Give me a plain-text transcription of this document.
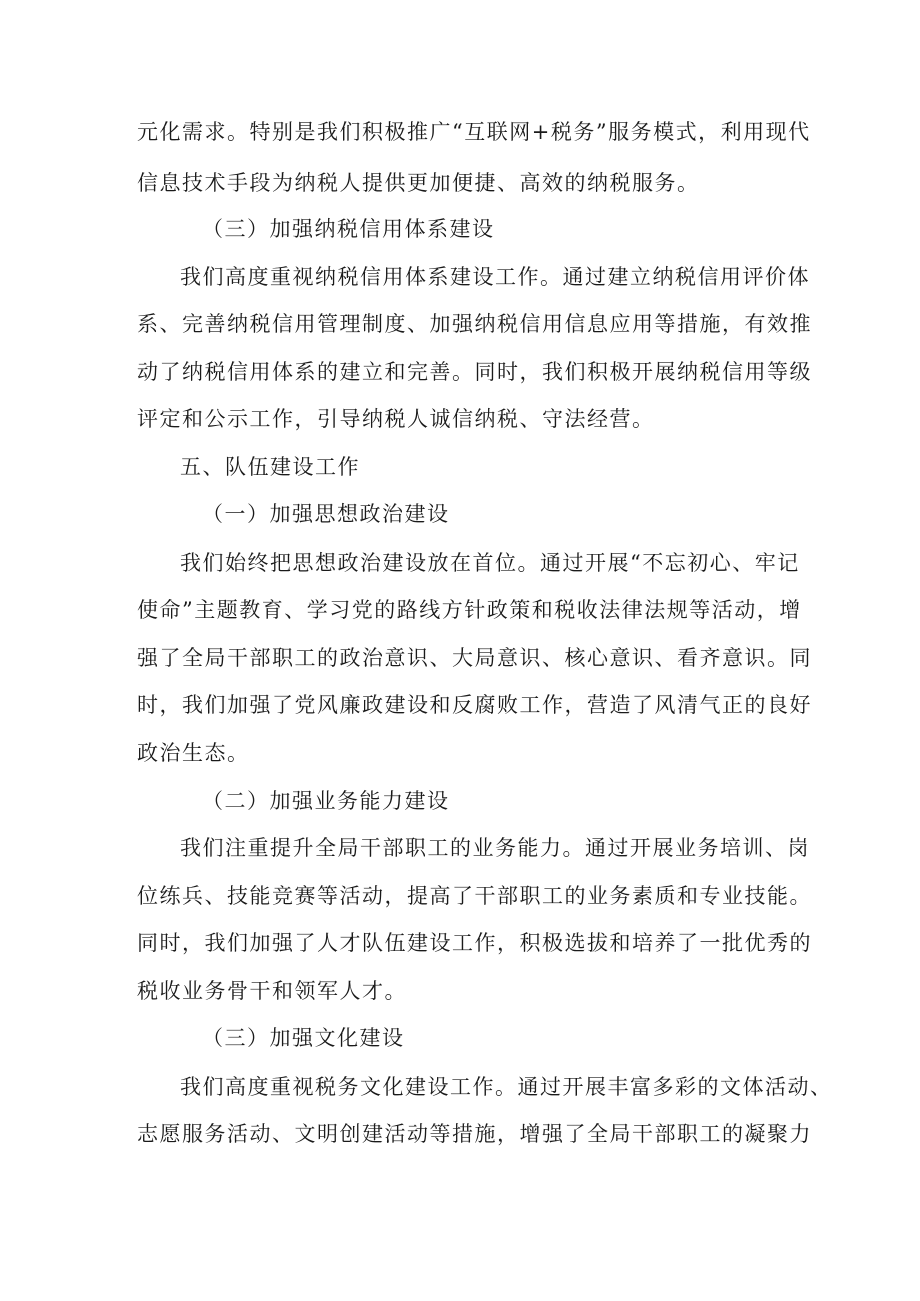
元化需求。特别是我们积极推广“互联网+税务”服务模式，利用现代
信息技术手段为纳税人提供更加便捷、高效的纳税服务。
（三）加强纳税信用体系建设
我们高度重视纳税信用体系建设工作。通过建立纳税信用评价体
系、完善纳税信用管理制度、加强纳税信用信息应用等措施，有效推
动了纳税信用体系的建立和完善。同时，我们积极开展纳税信用等级
评定和公示工作，引导纳税人诚信纳税、守法经营。
五、队伍建设工作
（一）加强思想政治建设
我们始终把思想政治建设放在首位。通过开展“不忘初心、牢记
使命”主题教育、学习党的路线方针政策和税收法律法规等活动，增
强了全局干部职工的政治意识、大局意识、核心意识、看齐意识。同
时，我们加强了党风廉政建设和反腐败工作，营造了风清气正的良好
政治生态。
（二）加强业务能力建设
我们注重提升全局干部职工的业务能力。通过开展业务培训、岗
位练兵、技能竞赛等活动，提高了干部职工的业务素质和专业技能。
同时，我们加强了人才队伍建设工作，积极选拔和培养了一批优秀的
税收业务骨干和领军人才。
（三）加强文化建设
我们高度重视税务文化建设工作。通过开展丰富多彩的文体活动、
志愿服务活动、文明创建活动等措施，增强了全局干部职工的凝聚力
